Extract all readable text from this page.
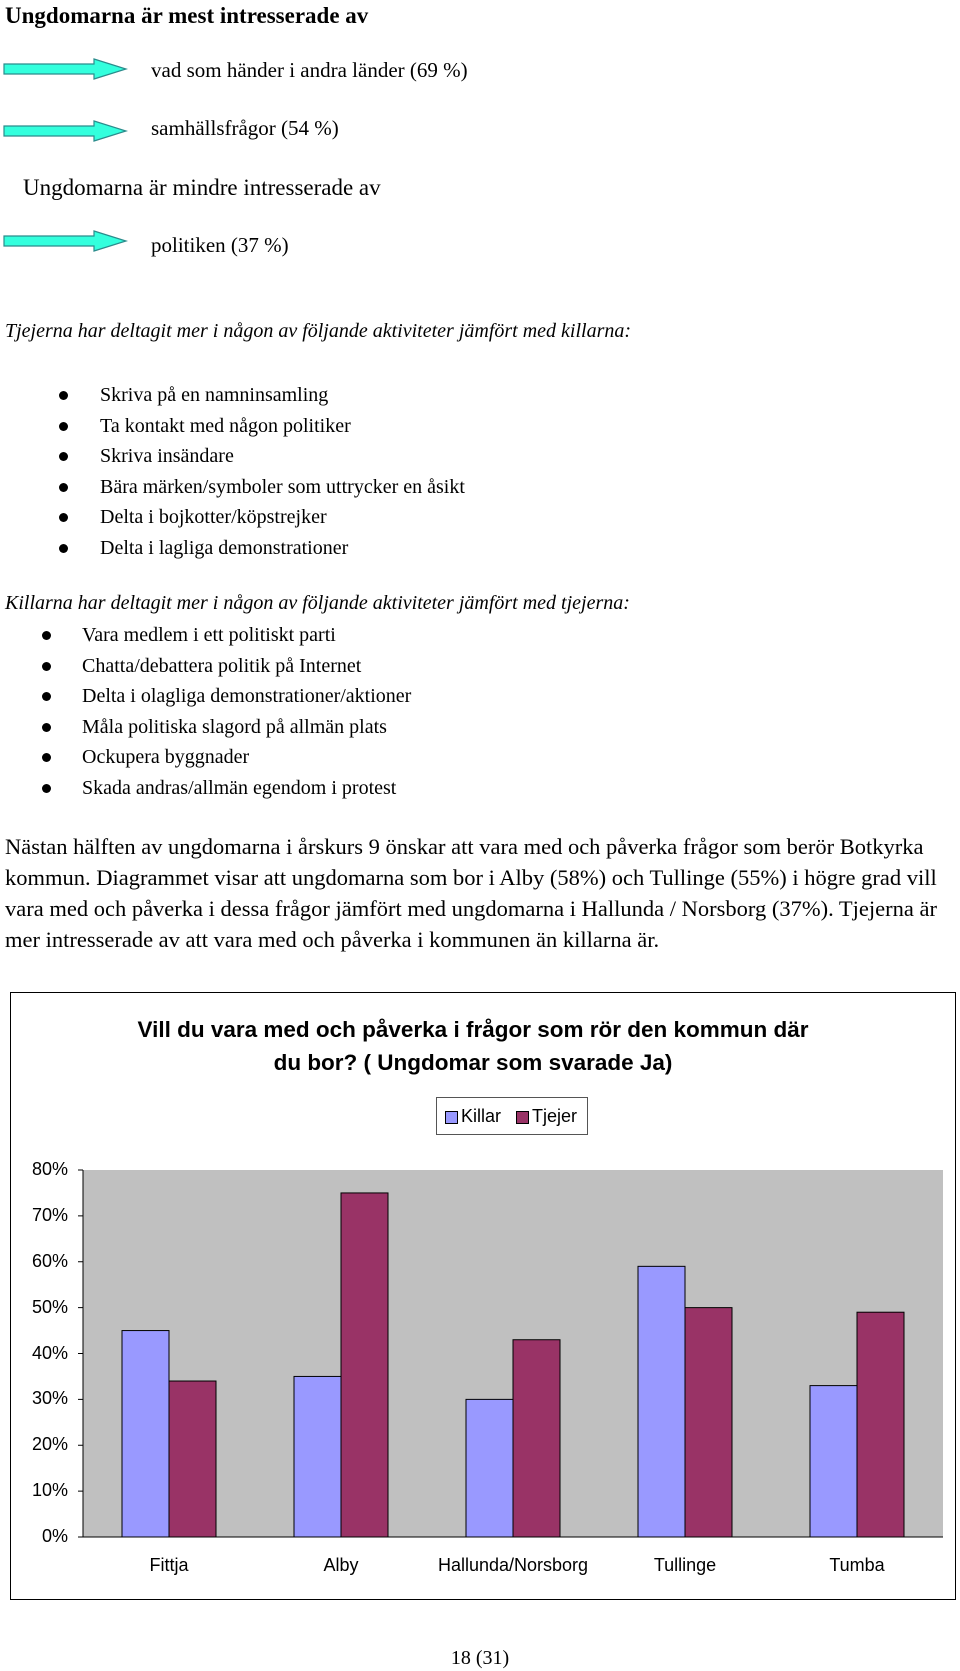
Ungdomarna är mest intresserade av
vad som händer i andra länder (69 %)
samhällsfrågor (54 %)
Ungdomarna är mindre intresserade av
politiken (37 %)
Tjejerna har deltagit mer i någon av följande aktiviteter jämfört med killarna:
Skriva på en namninsamling
Ta kontakt med någon politiker
Skriva insändare
Bära märken/symboler som uttrycker en åsikt
Delta i bojkotter/köpstrejker
Delta i lagliga demonstrationer
Killarna har deltagit mer i någon av följande aktiviteter jämfört med tjejerna:
Vara medlem i ett politiskt parti
Chatta/debattera politik på Internet
Delta i olagliga demonstrationer/aktioner
Måla politiska slagord på allmän plats
Ockupera byggnader
Skada andras/allmän egendom i protest
Nästan hälften av ungdomarna i årskurs 9 önskar att vara med och påverka frågor som berör Botkyrka kommun. Diagrammet visar att ungdomarna som bor i Alby (58%) och Tullinge (55%) i högre grad vill vara med och påverka i dessa frågor jämfört med ungdomarna i Hallunda / Norsborg (37%). Tjejerna är mer intresserade av att vara med och påverka i kommunen än killarna är.
Vill du vara med och påverka i frågor som rör den kommun där
du bor? ( Ungdomar som svarade Ja)
Killar Tjejer
0%
10%
20%
30%
40%
50%
60%
70%
80%
Fittja	Alby	Hallunda/Norsborg	Tullinge	Tumba
18 (31)
